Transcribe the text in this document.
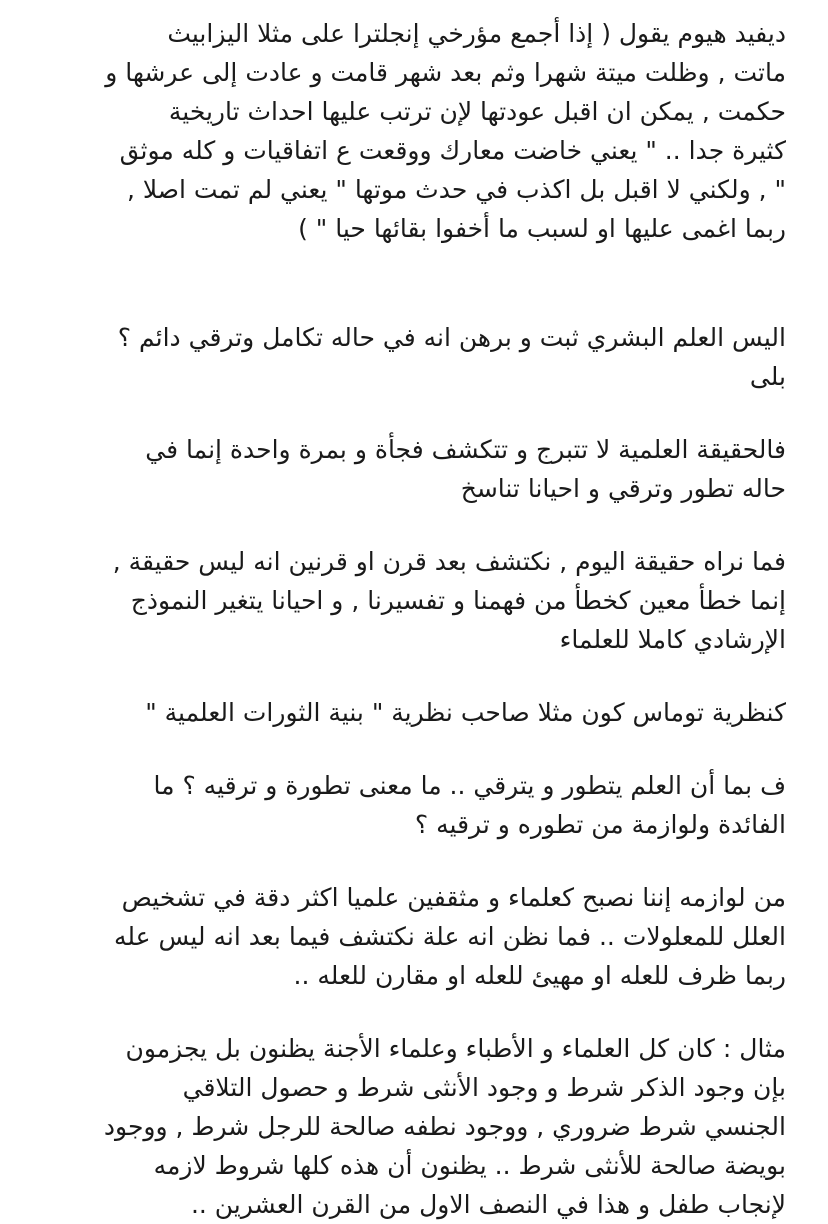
ديفيد هيوم يقول ( إذا أجمع مؤرخي إنجلترا على مثلا اليزابيث
ماتت , وظلت ميتة شهرا وثم بعد شهر قامت و عادت إلى عرشها و
حكمت , يمكن ان اقبل عودتها لإن ترتب عليها احداث تاريخية
كثيرة جدا .. " يعني خاضت معارك ووقعت ع اتفاقيات و كله موثق
" , ولكني لا اقبل بل اكذب في حدث موتها " يعني لم تمت اصلا ,
ربما اغمى عليها او لسبب ما أخفوا بقائها حيا " )
اليس العلم البشري ثبت و برهن انه في حاله تكامل وترقي دائم ؟
بلى
فالحقيقة العلمية لا تتبرج و تتكشف فجأة و بمرة واحدة إنما في
حاله تطور وترقي و احيانا تناسخ
فما نراه حقيقة اليوم , نكتشف بعد قرن او قرنين انه ليس حقيقة ,
إنما خطأ معين كخطأ من فهمنا و تفسيرنا , و احيانا يتغير النموذج
الإرشادي كاملا للعلماء
كنظرية توماس كون مثلا صاحب نظرية " بنية الثورات العلمية "
ف بما أن العلم يتطور و يترقي .. ما معنى تطورة و ترقيه ؟ ما
الفائدة ولوازمة من تطوره و ترقيه ؟
من لوازمه إننا نصبح كعلماء و مثقفين علميا اكثر دقة في تشخيص
العلل للمعلولات .. فما نظن انه علة نكتشف فيما بعد انه ليس عله
ربما ظرف للعله او مهيئ للعله او مقارن للعله ..
مثال : كان كل العلماء و الأطباء وعلماء الأجنة يظنون بل يجزمون
بإن وجود الذكر شرط و وجود الأنثى شرط و حصول التلاقي
الجنسي شرط ضروري , ووجود نطفه صالحة للرجل شرط , ووجود
بويضة صالحة للأنثى شرط .. يظنون أن هذه كلها شروط لازمه
لإنجاب طفل و هذا في النصف الاول من القرن العشرين ..
